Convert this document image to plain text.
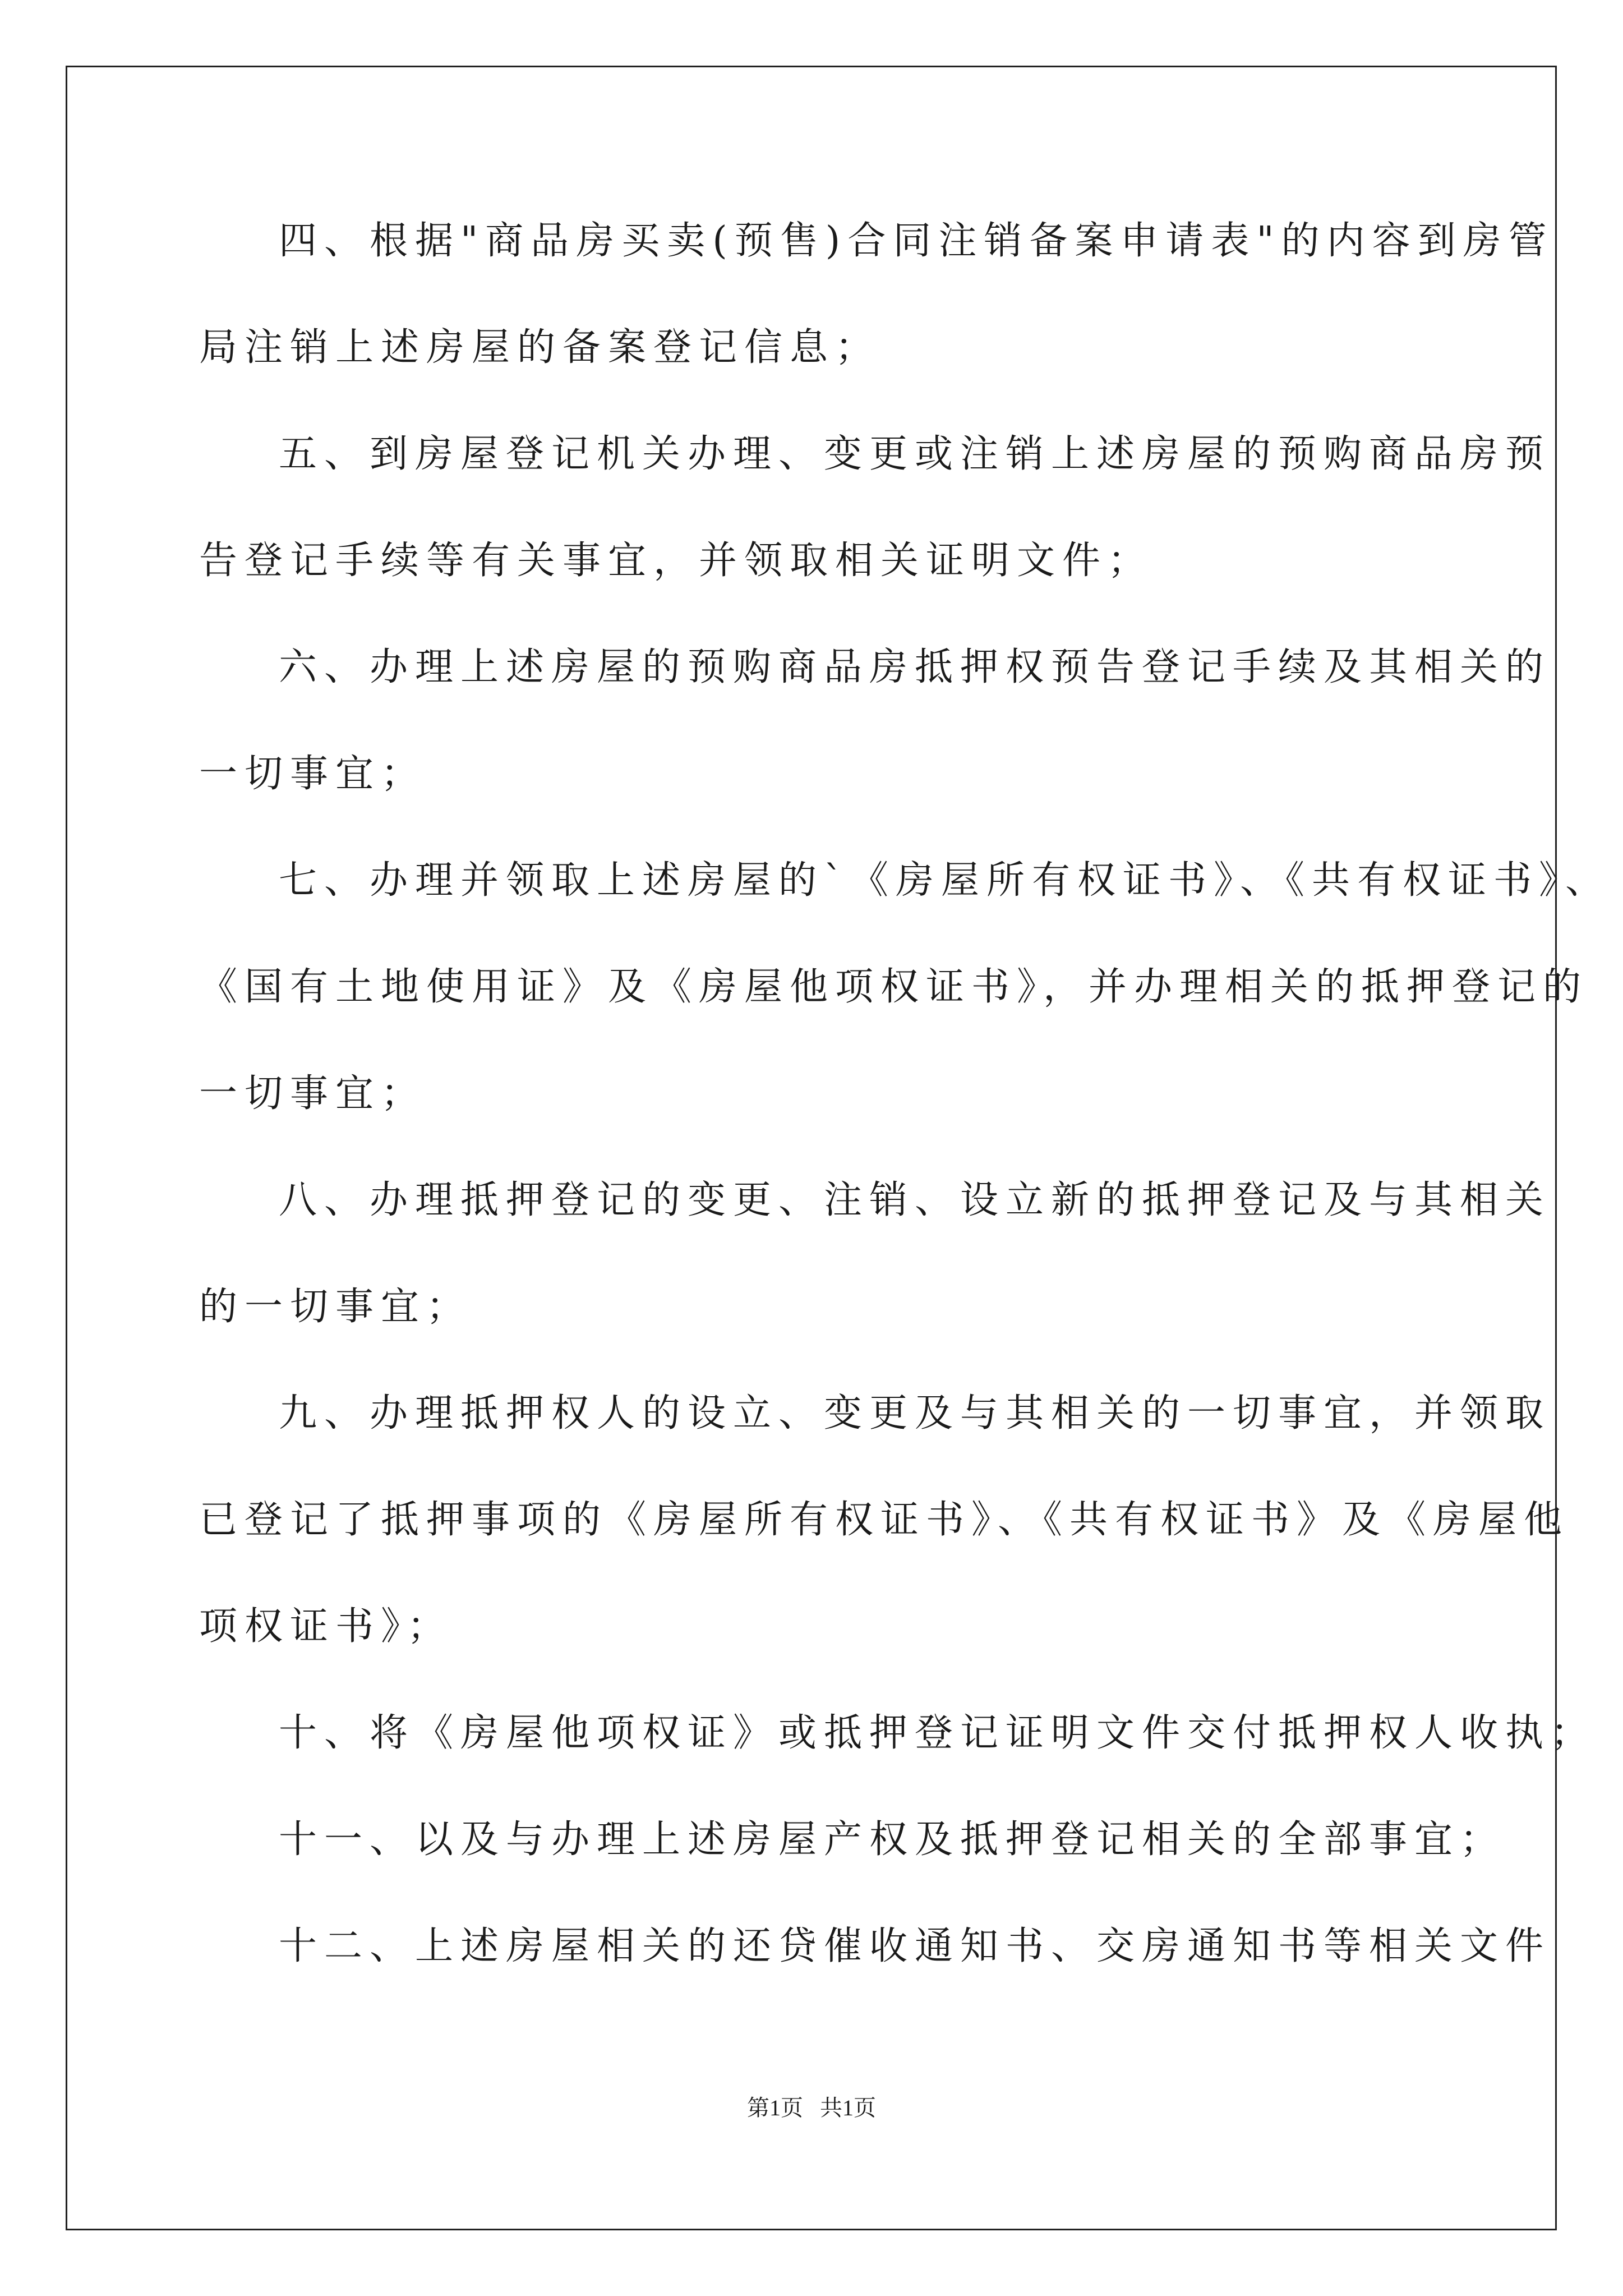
四、根据"商品房买卖(预售)合同注销备案申请表"的内容到房管
局注销上述房屋的备案登记信息；
五、到房屋登记机关办理、变更或注销上述房屋的预购商品房预
告登记手续等有关事宜，并领取相关证明文件；
六、办理上述房屋的预购商品房抵押权预告登记手续及其相关的
一切事宜；
七、办理并领取上述房屋的`《房屋所有权证书》、《共有权证书》、
《国有土地使用证》及《房屋他项权证书》，并办理相关的抵押登记的
一切事宜；
八、办理抵押登记的变更、注销、设立新的抵押登记及与其相关
的一切事宜；
九、办理抵押权人的设立、变更及与其相关的一切事宜，并领取
已登记了抵押事项的《房屋所有权证书》、《共有权证书》及《房屋他
项权证书》；
十、将《房屋他项权证》或抵押登记证明文件交付抵押权人收执；
十一、以及与办理上述房屋产权及抵押登记相关的全部事宜；
十二、上述房屋相关的还贷催收通知书、交房通知书等相关文件
第1页   共1页
